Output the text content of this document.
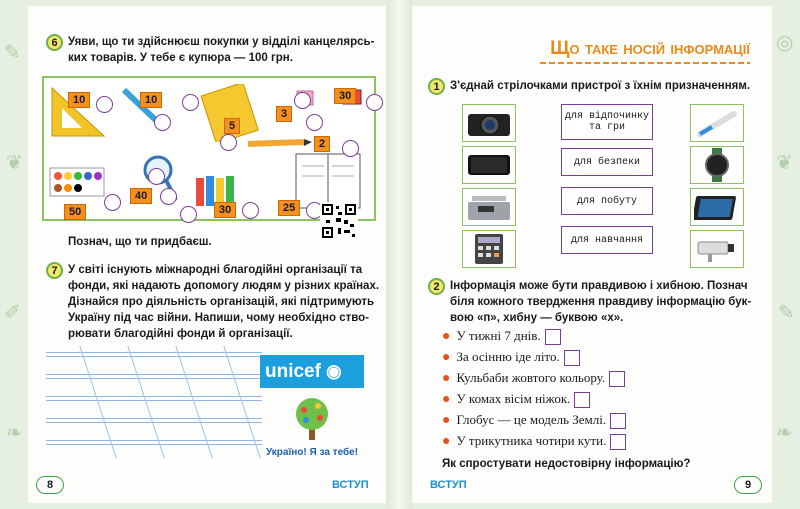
✎
❦
✐
❧
◎
❦
✎
❧
6 Уяви, що ти здійснюєш покупки у відділі канцелярсь-
ких товарів. У тебе є купюра — 100 грн.
10	10
5
3
30
2
40
30
50	25
Познач, що ти придбаєш.
7 У світі існують міжнародні благодійні організації та
фонди, які надають допомогу людям у різних країнах.
Дізнайся про діяльність організацій, які підтримують
Україну під час війни. Напиши, чому необхідно ство-
рювати благодійні фонди й організації.
unicef ◉
Україно! Я за тебе!
8	ВСТУП
Що таке носій інформації
1 З'єднай стрілочками пристрої з їхнім призначенням.
для відпочинку та гри
для безпеки
для побуту
для навчання
2 Інформація може бути правдивою і хибною. Познач
біля кожного твердження правдиву інформацію бук-
вою «п», хибну — буквою «х».
● У тижні 7 днів.
● За осінню іде літо.
● Кульбаби жовтого кольору.
● У комах вісім ніжок.
● Глобус — це модель Землі.
● У трикутника чотири кути.
Як спростувати недостовірну інформацію?
ВСТУП	9
